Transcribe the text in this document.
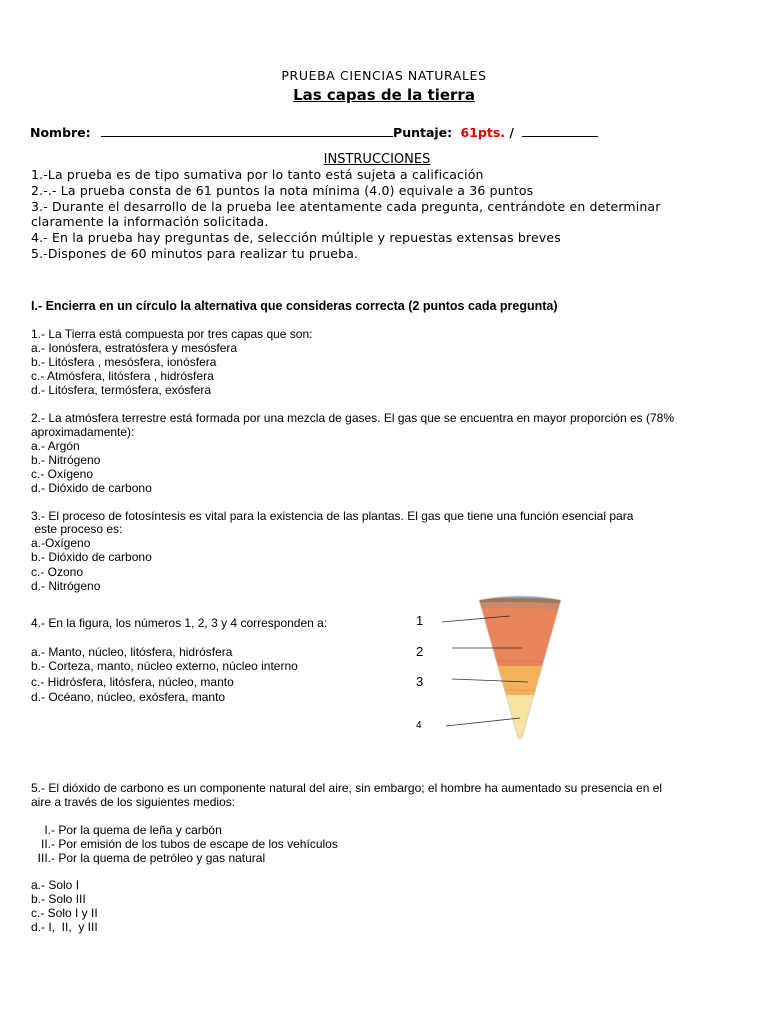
PRUEBA CIENCIAS NATURALES
Las capas de la tierra
Nombre:	Puntaje: 61pts. /
INSTRUCCIONES
1.-La prueba es de tipo sumativa por lo tanto está sujeta a calificación
2.-.- La prueba consta de 61 puntos la nota mínima (4.0) equivale a 36 puntos
3.- Durante el desarrollo de la prueba lee atentamente cada pregunta, centrándote en determinar
claramente la información solicitada.
4.- En la prueba hay preguntas de, selección múltiple y repuestas extensas breves
5.-Dispones de 60 minutos para realizar tu prueba.
I.- Encierra en un círculo la alternativa que consideras correcta (2 puntos cada pregunta)
1.- La Tierra está compuesta por tres capas que son:
a.- Ionósfera, estratósfera y mesósfera
b.- Litósfera , mesósfera, ionósfera
c.- Atmósfera, litósfera , hidrósfera
d.- Litósfera, termósfera, exósfera
2.- La atmósfera terrestre está formada por una mezcla de gases. El gas que se encuentra en mayor proporción es (78%
aproximadamente):
a.- Argón
b.- Nitrógeno
c.- Oxígeno
d.- Dióxido de carbono
3.- El proceso de fotosíntesis es vital para la existencia de las plantas. El gas que tiene una función esencial para
este proceso es:
a.-Oxígeno
b.- Dióxido de carbono
c.- Ozono
d.- Nitrógeno
4.- En la figura, los números 1, 2, 3 y 4 corresponden a:
a.- Manto, núcleo, litósfera, hidrósfera
b.- Corteza, manto, núcleo externo, núcleo interno
c.- Hidrósfera, litósfera, núcleo, manto
d.- Océano, núcleo, exósfera, manto
1
2
3
4
5.- El dióxido de carbono es un componente natural del aire, sin embargo; el hombre ha aumentado su presencia en el
aire a través de los siguientes medios:
I.- Por la quema de leña y carbón
II.- Por emisión de los tubos de escape de los vehículos
III.- Por la quema de petróleo y gas natural
a.- Solo I
b.- Solo III
c.- Solo I y II
d.- I,  II,  y III
